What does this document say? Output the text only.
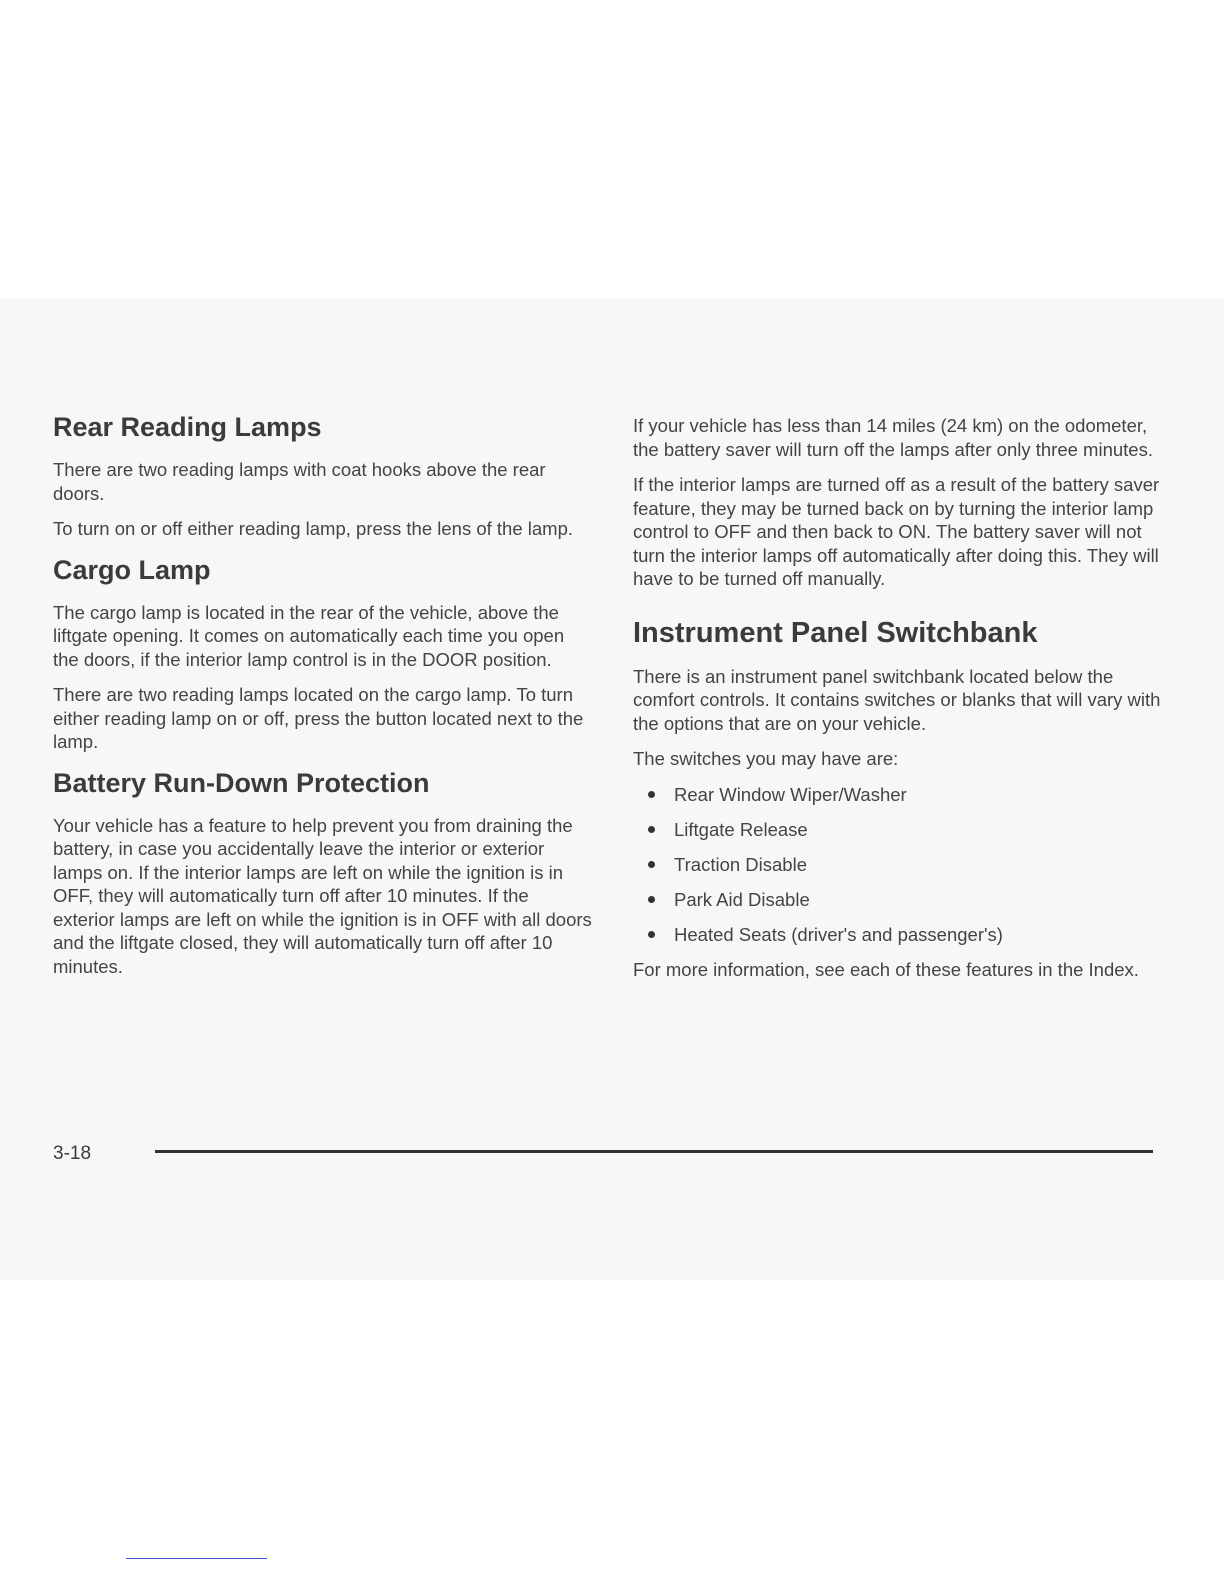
Rear Reading Lamps

There are two reading lamps with coat hooks above the rear doors.

To turn on or off either reading lamp, press the lens of the lamp.

Cargo Lamp

The cargo lamp is located in the rear of the vehicle, above the liftgate opening. It comes on automatically each time you open the doors, if the interior lamp control is in the DOOR position.

There are two reading lamps located on the cargo lamp. To turn either reading lamp on or off, press the button located next to the lamp.

Battery Run-Down Protection

Your vehicle has a feature to help prevent you from draining the battery, in case you accidentally leave the interior or exterior lamps on. If the interior lamps are left on while the ignition is in OFF, they will automatically turn off after 10 minutes. If the exterior lamps are left on while the ignition is in OFF with all doors and the liftgate closed, they will automatically turn off after 10 minutes.

If your vehicle has less than 14 miles (24 km) on the odometer, the battery saver will turn off the lamps after only three minutes.

If the interior lamps are turned off as a result of the battery saver feature, they may be turned back on by turning the interior lamp control to OFF and then back to ON. The battery saver will not turn the interior lamps off automatically after doing this. They will have to be turned off manually.

Instrument Panel Switchbank

There is an instrument panel switchbank located below the comfort controls. It contains switches or blanks that will vary with the options that are on your vehicle.

The switches you may have are:

Rear Window Wiper/Washer
Liftgate Release
Traction Disable
Park Aid Disable
Heated Seats (driver's and passenger's)

For more information, see each of these features in the Index.

3-18
